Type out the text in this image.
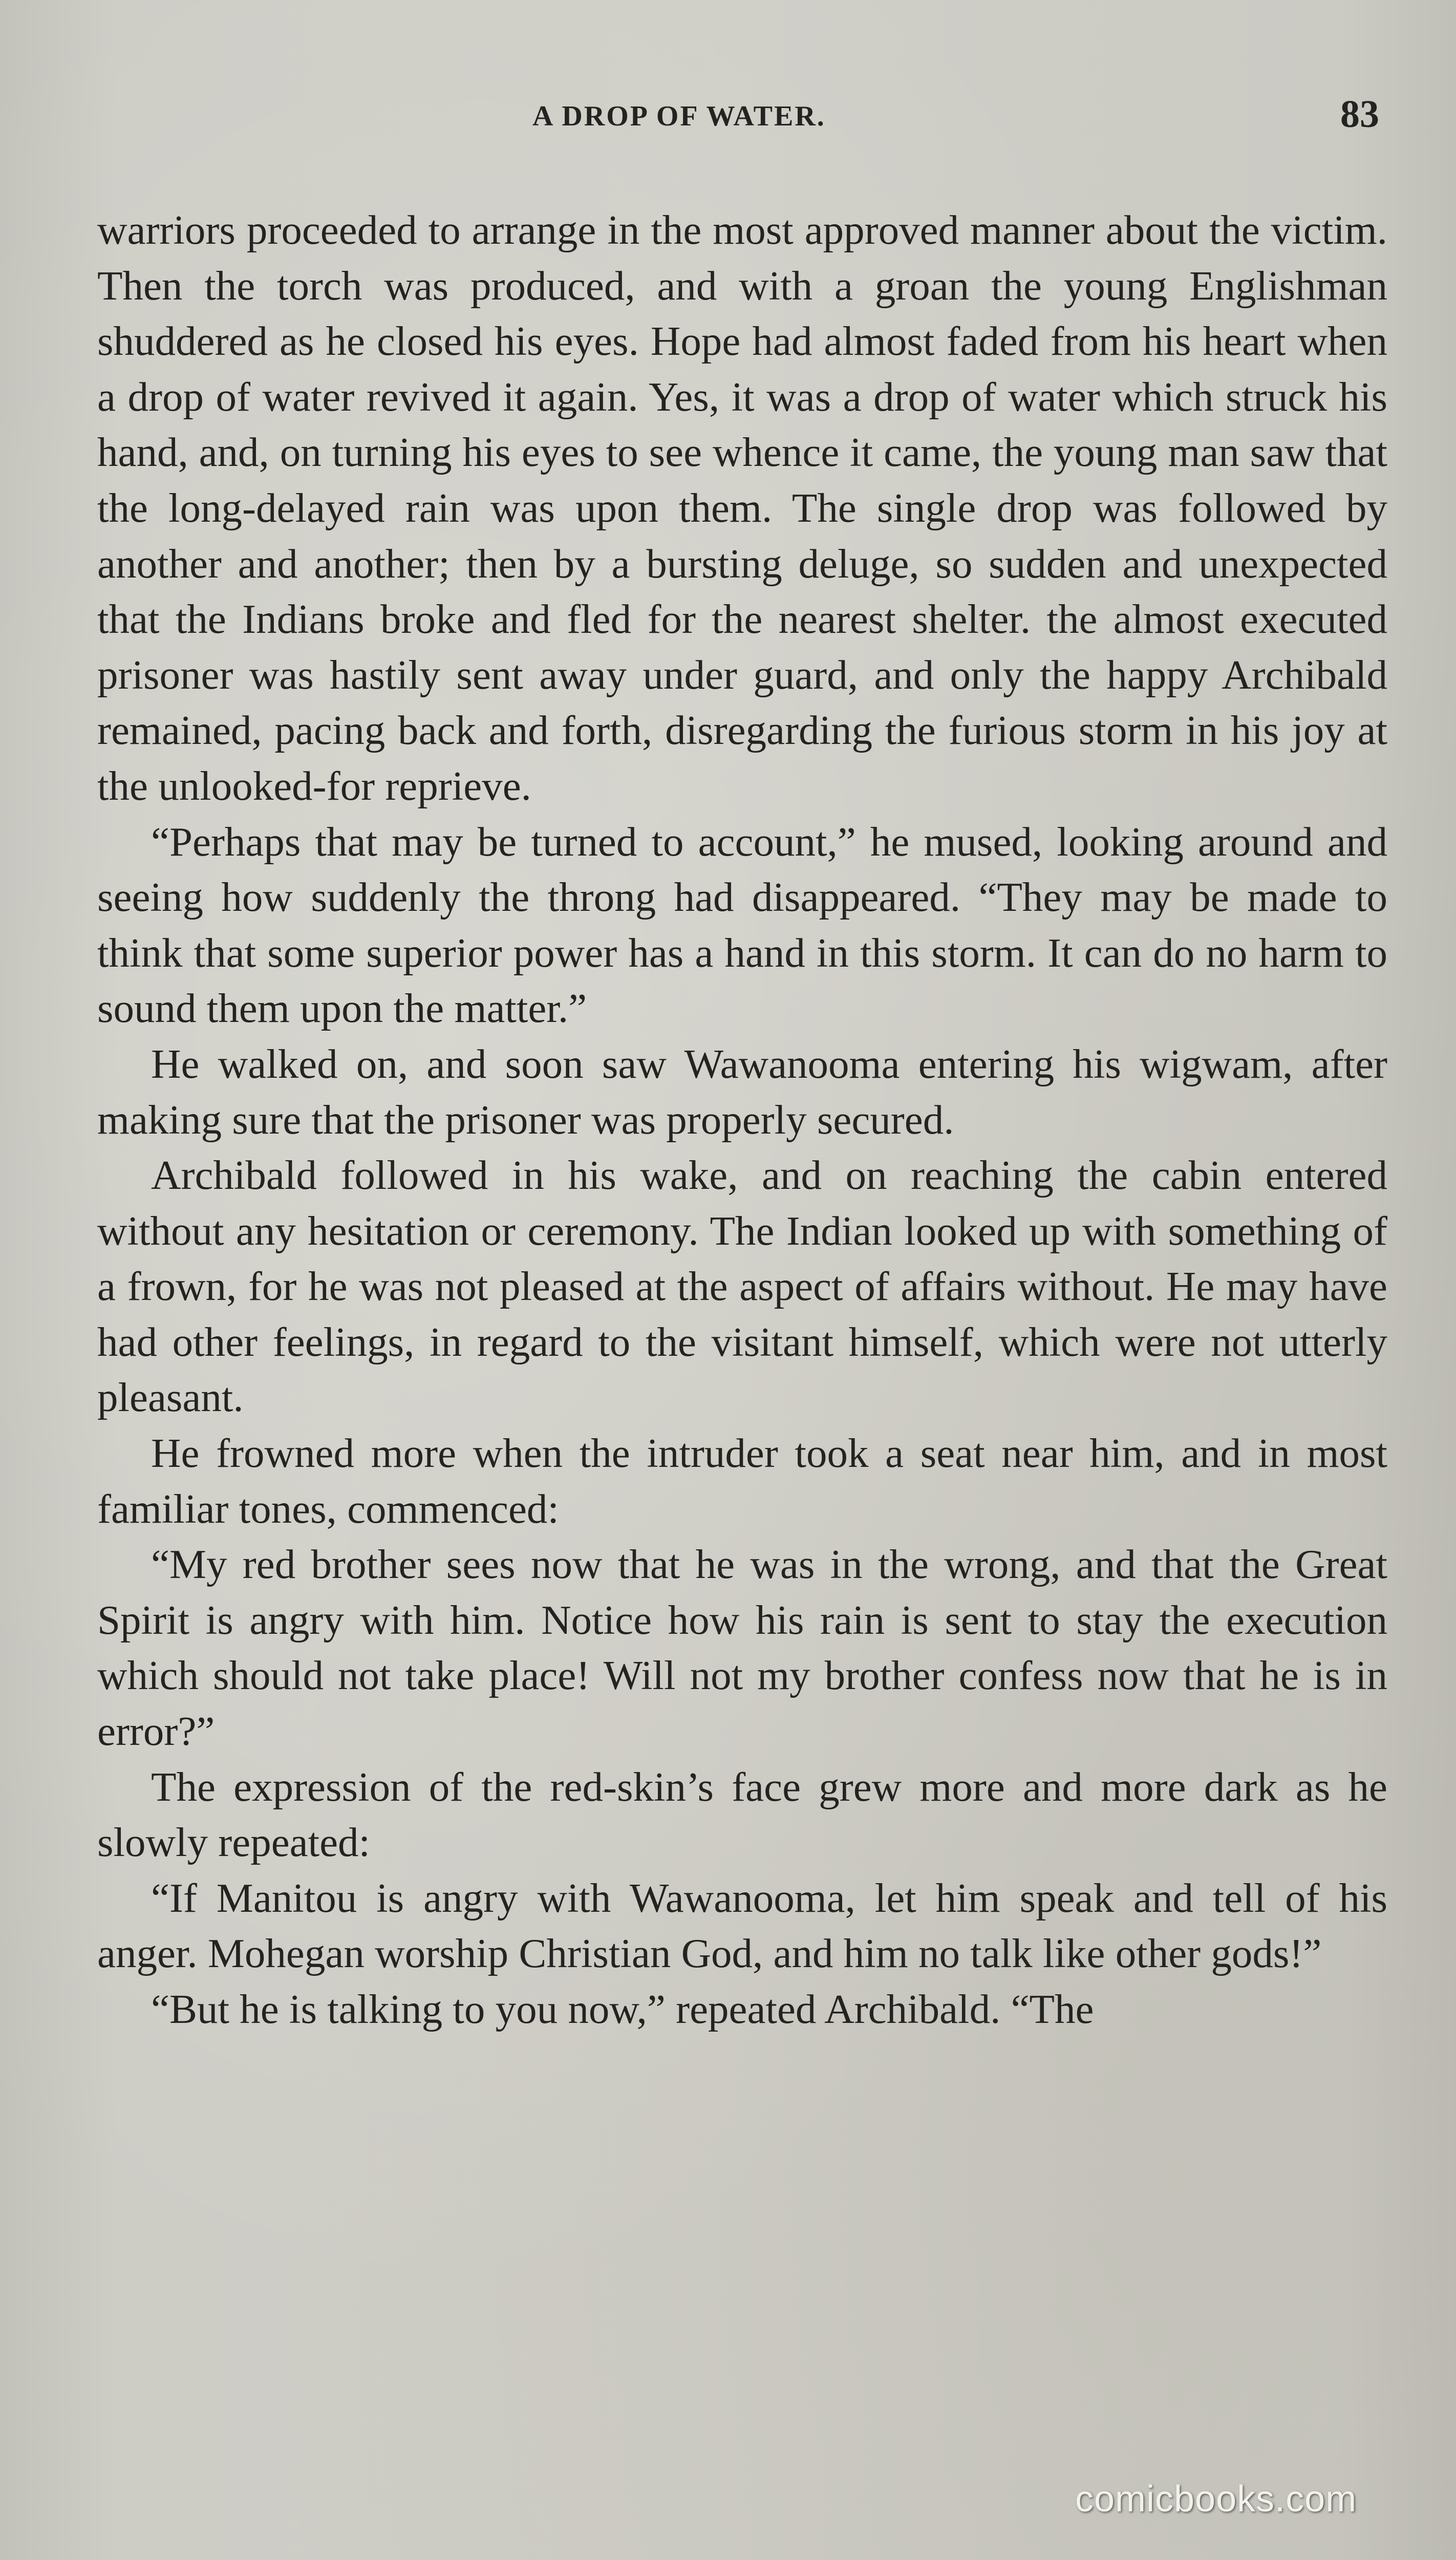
A DROP OF WATER.	83

warriors proceeded to arrange in the most approved manner about the victim. Then the torch was produced, and with a groan the young Englishman shuddered as he closed his eyes. Hope had almost faded from his heart when a drop of water revived it again. Yes, it was a drop of water which struck his hand, and, on turning his eyes to see whence it came, the young man saw that the long-delayed rain was upon them. The single drop was followed by another and another; then by a bursting deluge, so sudden and unexpected that the Indians broke and fled for the nearest shelter. the almost executed prisoner was hastily sent away under guard, and only the happy Archibald remained, pacing back and forth, disregarding the furious storm in his joy at the unlooked-for reprieve.

“Perhaps that may be turned to account,” he mused, looking around and seeing how suddenly the throng had disappeared. “They may be made to think that some superior power has a hand in this storm. It can do no harm to sound them upon the matter.”

He walked on, and soon saw Wawanooma entering his wigwam, after making sure that the prisoner was properly secured.

Archibald followed in his wake, and on reaching the cabin entered without any hesitation or ceremony. The Indian looked up with something of a frown, for he was not pleased at the aspect of affairs without. He may have had other feelings, in regard to the visitant himself, which were not utterly pleasant.

He frowned more when the intruder took a seat near him, and in most familiar tones, commenced:

“My red brother sees now that he was in the wrong, and that the Great Spirit is angry with him. Notice how his rain is sent to stay the execution which should not take place! Will not my brother confess now that he is in error?”

The expression of the red-skin’s face grew more and more dark as he slowly repeated:

“If Manitou is angry with Wawanooma, let him speak and tell of his anger. Mohegan worship Christian God, and him no talk like other gods!”

“But he is talking to you now,” repeated Archibald. “The

comicbooks.com
